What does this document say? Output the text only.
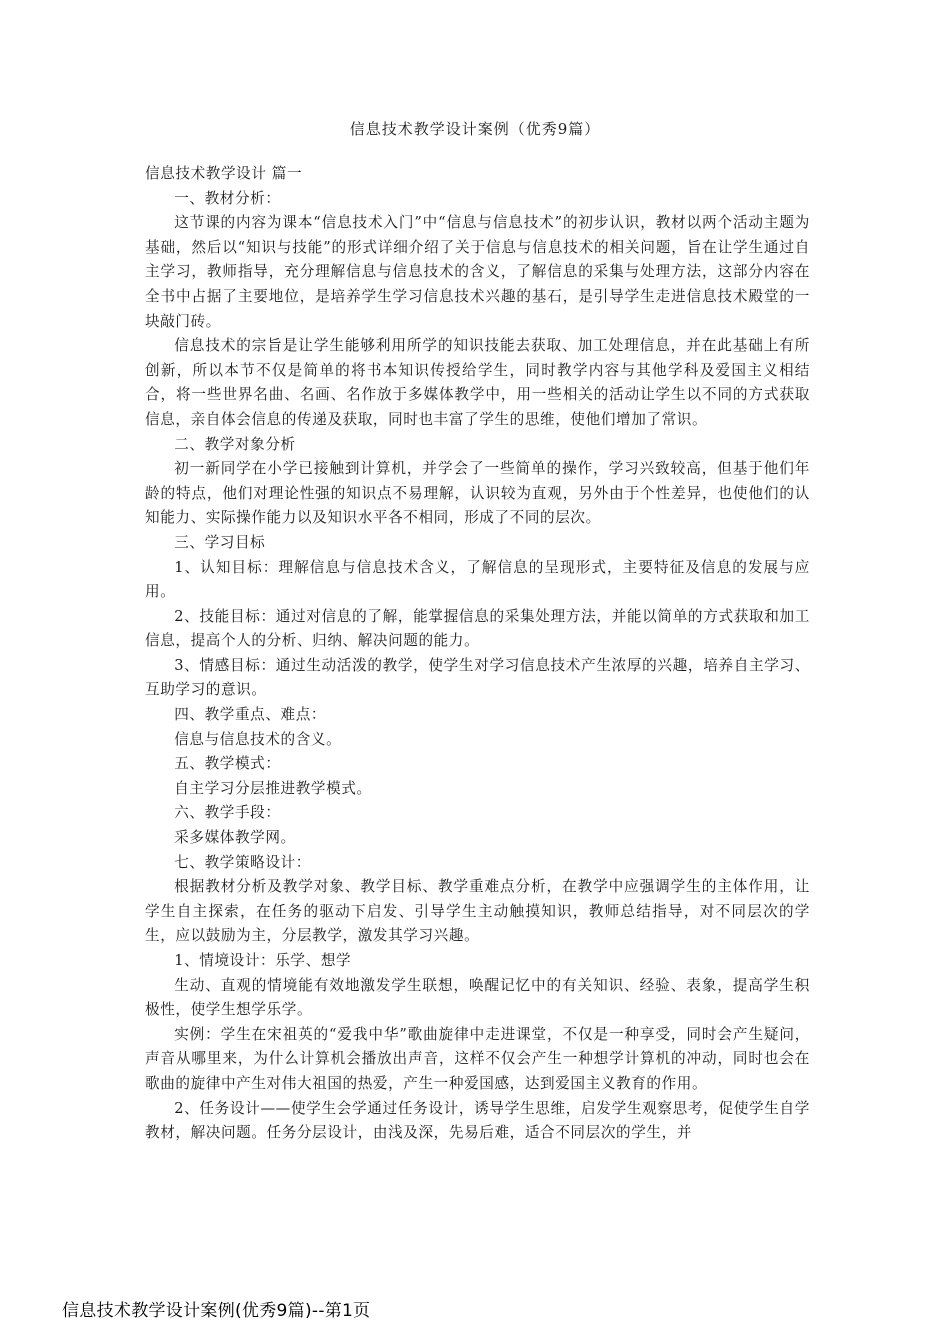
信息技术教学设计案例（优秀9篇）

信息技术教学设计 篇一

一、教材分析：

这节课的内容为课本“信息技术入门”中“信息与信息技术”的初步认识，教材以两个活动主题为基础，然后以“知识与技能”的形式详细介绍了关于信息与信息技术的相关问题，旨在让学生通过自主学习，教师指导，充分理解信息与信息技术的含义，了解信息的采集与处理方法，这部分内容在全书中占据了主要地位，是培养学生学习信息技术兴趣的基石，是引导学生走进信息技术殿堂的一块敲门砖。

信息技术的宗旨是让学生能够利用所学的知识技能去获取、加工处理信息，并在此基础上有所创新，所以本节不仅是简单的将书本知识传授给学生，同时教学内容与其他学科及爱国主义相结合，将一些世界名曲、名画、名作放于多媒体教学中，用一些相关的活动让学生以不同的方式获取信息，亲自体会信息的传递及获取，同时也丰富了学生的思维，使他们增加了常识。

二、教学对象分析

初一新同学在小学已接触到计算机，并学会了一些简单的操作，学习兴致较高，但基于他们年龄的特点，他们对理论性强的知识点不易理解，认识较为直观，另外由于个性差异，也使他们的认知能力、实际操作能力以及知识水平各不相同，形成了不同的层次。

三、学习目标

1、认知目标：理解信息与信息技术含义，了解信息的呈现形式，主要特征及信息的发展与应用。

2、技能目标：通过对信息的了解，能掌握信息的采集处理方法，并能以简单的方式获取和加工信息，提高个人的分析、归纳、解决问题的能力。

3、情感目标：通过生动活泼的教学，使学生对学习信息技术产生浓厚的兴趣，培养自主学习、互助学习的意识。

四、教学重点、难点：

信息与信息技术的含义。

五、教学模式：

自主学习分层推进教学模式。

六、教学手段：

采多媒体教学网。

七、教学策略设计：

根据教材分析及教学对象、教学目标、教学重难点分析，在教学中应强调学生的主体作用，让学生自主探索，在任务的驱动下启发、引导学生主动触摸知识，教师总结指导，对不同层次的学生，应以鼓励为主，分层教学，激发其学习兴趣。

1、情境设计：乐学、想学

生动、直观的情境能有效地激发学生联想，唤醒记忆中的有关知识、经验、表象，提高学生积极性，使学生想学乐学。

实例：学生在宋祖英的“爱我中华”歌曲旋律中走进课堂，不仅是一种享受，同时会产生疑问，声音从哪里来，为什么计算机会播放出声音，这样不仅会产生一种想学计算机的冲动，同时也会在歌曲的旋律中产生对伟大祖国的热爱，产生一种爱国感，达到爱国主义教育的作用。

2、任务设计——使学生会学通过任务设计，诱导学生思维，启发学生观察思考，促使学生自学教材，解决问题。任务分层设计，由浅及深，先易后难，适合不同层次的学生，并

信息技术教学设计案例(优秀9篇)--第1页
